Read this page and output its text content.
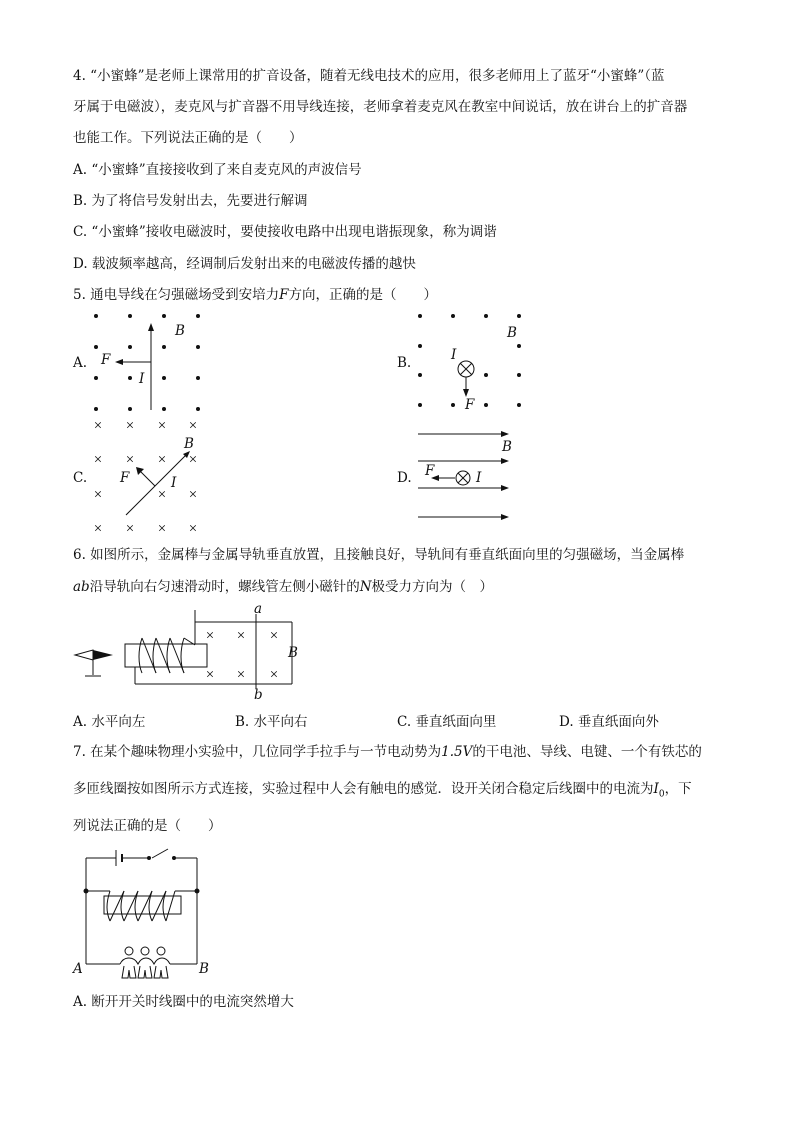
4. “小蜜蜂”是老师上课常用的扩音设备，随着无线电技术的应用，很多老师用上了蓝牙“小蜜蜂”（蓝
牙属于电磁波），麦克风与扩音器不用导线连接，老师拿着麦克风在教室中间说话，放在讲台上的扩音器
也能工作。下列说法正确的是（　　）
A. “小蜜蜂”直接接收到了来自麦克风的声波信号
B. 为了将信号发射出去，先要进行解调
C. “小蜜蜂”接收电磁波时，要使接收电路中出现电谐振现象，称为调谐
D. 载波频率越高，经调制后发射出来的电磁波传播的越快
5. 通电导线在匀强磁场受到安培力F方向，正确的是（　　）
A.	B.
C.	D.
B
F
I
B
I
F
× × × ×
× × × ×
×	× ×
× × × ×
B
F	I
B
F	I
6. 如图所示，金属棒与金属导轨垂直放置，且接触良好，导轨间有垂直纸面向里的匀强磁场，当金属棒
ab沿导轨向右匀速滑动时，螺线管左侧小磁针的N极受力方向为（　）
× × ×
× × ×
a
b
B
A. 水平向左	B. 水平向右	C. 垂直纸面向里	D. 垂直纸面向外
7. 在某个趣味物理小实验中，几位同学手拉手与一节电动势为1.5V的干电池、导线、电键、一个有铁芯的
多匝线圈按如图所示方式连接，实验过程中人会有触电的感觉．设开关闭合稳定后线圈中的电流为$I_0$，下
列说法正确的是（　　）
A	B
A. 断开开关时线圈中的电流突然增大
